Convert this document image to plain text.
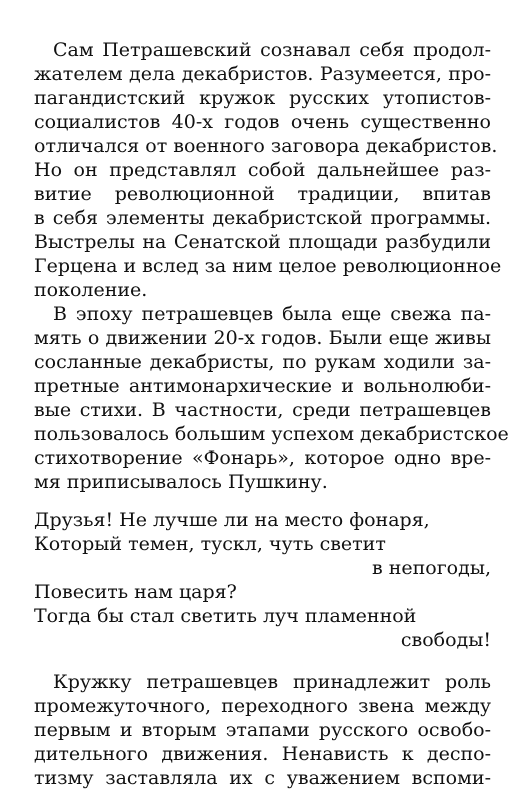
Сам Петрашевский сознавал себя продол-
жателем дела декабристов. Разумеется, про-
пагандистский кружок русских утопистов-
социалистов 40-х годов очень существенно
отличался от военного заговора декабристов.
Но он представлял собой дальнейшее раз-
витие революционной традиции, впитав
в себя элементы декабристской программы.
Выстрелы на Сенатской площади разбудили
Герцена и вслед за ним целое революционное
поколение.
В эпоху петрашевцев была еще свежа па-
мять о движении 20-х годов. Были еще живы
сосланные декабристы, по рукам ходили за-
претные антимонархические и вольнолюби-
вые стихи. В частности, среди петрашевцев
пользовалось большим успехом декабристское
стихотворение «Фонарь», которое одно вре-
мя приписывалось Пушкину.
Друзья! Не лучше ли на место фонаря,
Который темен, тускл, чуть светит
в непогоды,
Повесить нам царя?
Тогда бы стал светить луч пламенной
свободы!
Кружку петрашевцев принадлежит роль
промежуточного, переходного звена между
первым и вторым этапами русского освобо-
дительного движения. Ненависть к деспо-
тизму заставляла их с уважением вспоми-
